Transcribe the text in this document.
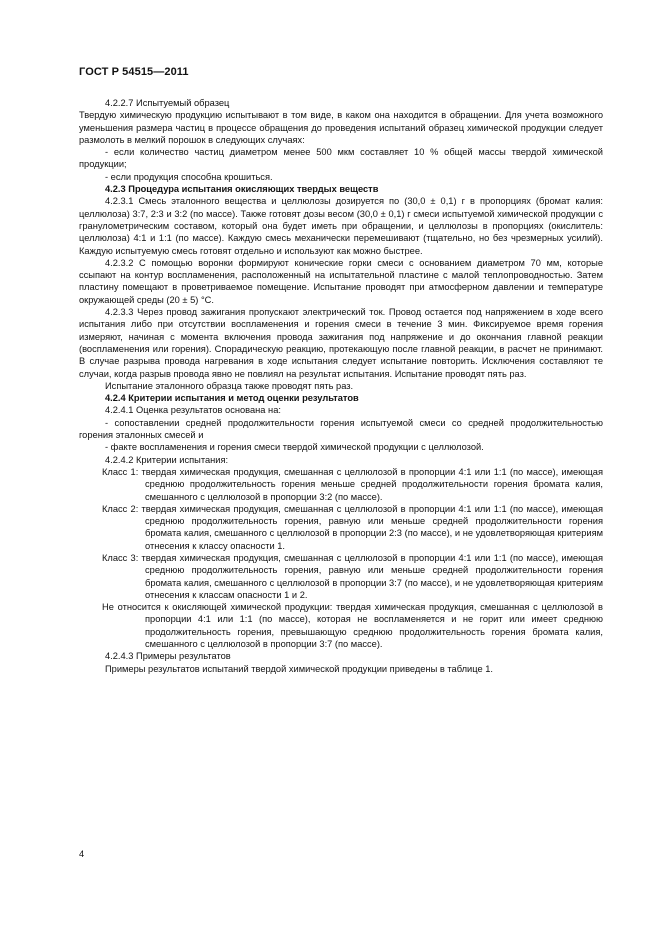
ГОСТ Р 54515—2011

4.2.2.7 Испытуемый образец

Твердую химическую продукцию испытывают в том виде, в каком она находится в обращении. Для учета возможного уменьшения размера частиц в процессе обращения до проведения испытаний образец химической продукции следует размолоть в мелкий порошок в следующих случаях:

- если количество частиц диаметром менее 500 мкм составляет 10 % общей массы твердой химической продукции;

- если продукция способна крошиться.

4.2.3 Процедура испытания окисляющих твердых веществ

4.2.3.1 Смесь эталонного вещества и целлюлозы дозируется по (30,0 ± 0,1) г в пропорциях (бромат калия: целлюлоза) 3:7, 2:3 и 3:2 (по массе). Также готовят дозы весом (30,0 ± 0,1) г смеси испытуемой химической продукции с гранулометрическим составом, который она будет иметь при обращении, и целлюлозы в пропорциях (окислитель: целлюлоза) 4:1 и 1:1 (по массе). Каждую смесь механически перемешивают (тщательно, но без чрезмерных усилий). Каждую испытуемую смесь готовят отдельно и используют как можно быстрее.

4.2.3.2 С помощью воронки формируют конические горки смеси с основанием диаметром 70 мм, которые ссыпают на контур воспламенения, расположенный на испытательной пластине с малой теплопроводностью. Затем пластину помещают в проветриваемое помещение. Испытание проводят при атмосферном давлении и температуре окружающей среды (20 ± 5) °С.

4.2.3.3 Через провод зажигания пропускают электрический ток. Провод остается под напряжением в ходе всего испытания либо при отсутствии воспламенения и горения смеси в течение 3 мин. Фиксируемое время горения измеряют, начиная с момента включения провода зажигания под напряжение и до окончания главной реакции (воспламенения или горения). Спорадическую реакцию, протекающую после главной реакции, в расчет не принимают. В случае разрыва провода нагревания в ходе испытания следует испытание повторить. Исключения составляют те случаи, когда разрыв провода явно не повлиял на результат испытания. Испытание проводят пять раз.

Испытание эталонного образца также проводят пять раз.

4.2.4 Критерии испытания и метод оценки результатов

4.2.4.1 Оценка результатов основана на:

- сопоставлении средней продолжительности горения испытуемой смеси со средней продолжительностью горения эталонных смесей и

- факте воспламенения и горения смеси твердой химической продукции с целлюлозой.

4.2.4.2 Критерии испытания:

Класс 1: твердая химическая продукция, смешанная с целлюлозой в пропорции 4:1 или 1:1 (по массе), имеющая среднюю продолжительность горения меньше средней продолжительности горения бромата калия, смешанного с целлюлозой в пропорции 3:2 (по массе).

Класс 2: твердая химическая продукция, смешанная с целлюлозой в пропорции 4:1 или 1:1 (по массе), имеющая среднюю продолжительность горения, равную или меньше средней продолжительности горения бромата калия, смешанного с целлюлозой в пропорции 2:3 (по массе), и не удовлетворяющая критериям отнесения к классу опасности 1.

Класс 3: твердая химическая продукция, смешанная с целлюлозой в пропорции 4:1 или 1:1 (по массе), имеющая среднюю продолжительность горения, равную или меньше средней продолжительности горения бромата калия, смешанного с целлюлозой в пропорции 3:7 (по массе), и не удовлетворяющая критериям отнесения к классам опасности 1 и 2.

Не относится к окисляющей химической продукции: твердая химическая продукция, смешанная с целлюлозой в пропорции 4:1 или 1:1 (по массе), которая не воспламеняется и не горит или имеет среднюю продолжительность горения, превышающую среднюю продолжительность горения бромата калия, смешанного с целлюлозой в пропорции 3:7 (по массе).

4.2.4.3 Примеры результатов

Примеры результатов испытаний твердой химической продукции приведены в таблице 1.

4
